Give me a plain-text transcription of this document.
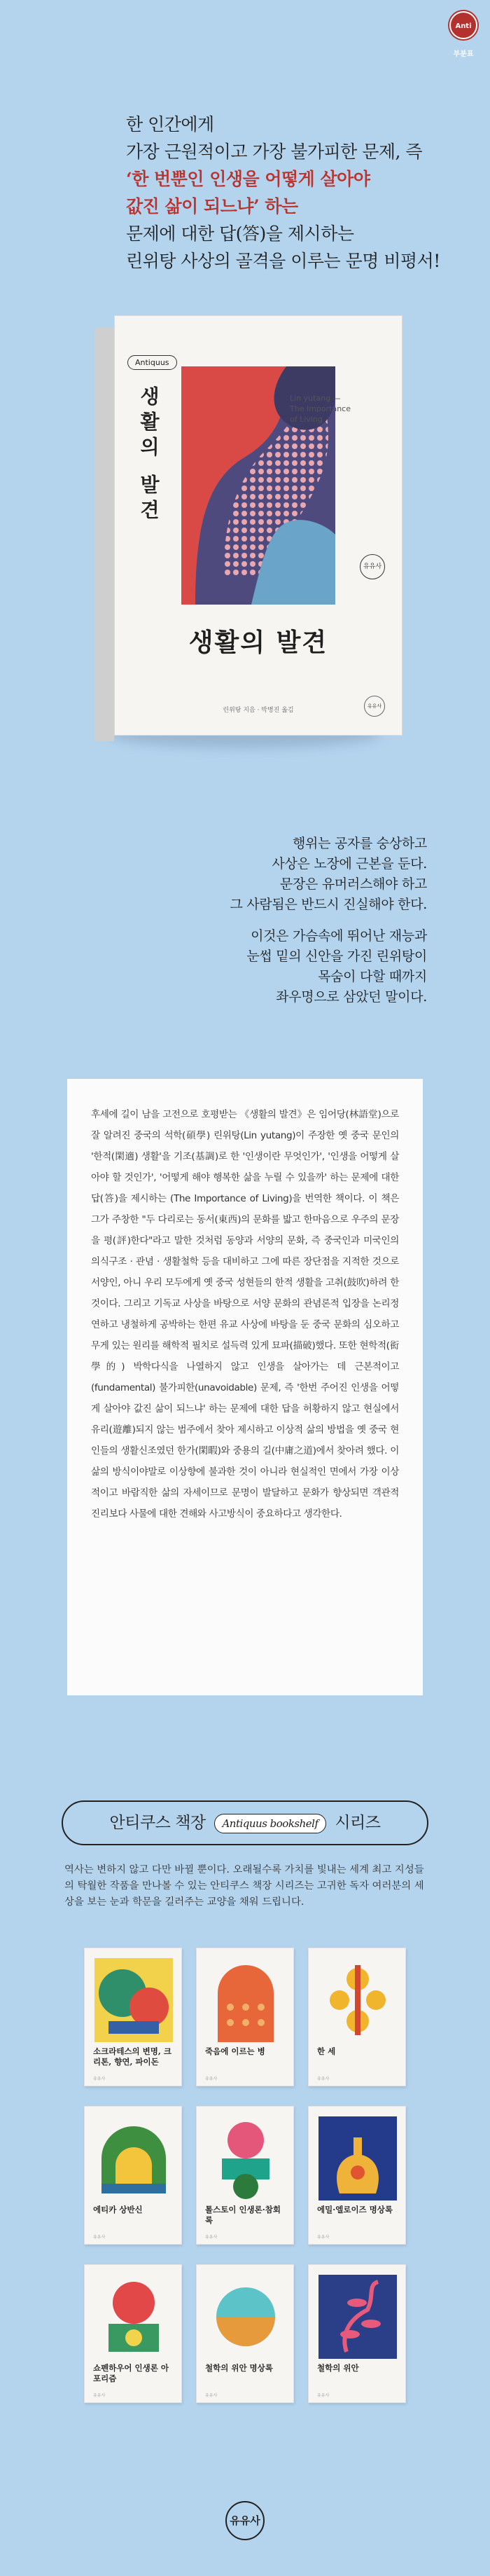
Anti 부분표
한 인간에게
가장 근원적이고 가장 불가피한 문제, 즉
‘한 번뿐인 인생을 어떻게 살아야
값진 삶이 되느냐’ 하는
문제에 대한 답(答)을 제시하는
린위탕 사상의 골격을 이루는 문명 비평서!
Antiquus
생활의 발견	Lin yutang —
The Importance
of Living
유유사
생활의 발견
린위탕 지음 · 박병진 옮김
유유사
행위는 공자를 숭상하고
사상은 노장에 근본을 둔다.
문장은 유머러스해야 하고
그 사람됨은 반드시 진실해야 한다.
이것은 가슴속에 뛰어난 재능과
눈썹 밑의 신안을 가진 린위탕이
목숨이 다할 때까지
좌우명으로 삼았던 말이다.

후세에 길이 남을 고전으로 호평받는 《생활의 발견》은 임어당(林語堂)으로 잘 알려진 중국의 석학(碩學) 린위탕(Lin yutang)이 주장한 옛 중국 문인의 '한적(閑適) 생활'을 기조(基調)로 한 '인생이란 무엇인가', '인생을 어떻게 살아야 할 것인가', '어떻게 해야 행복한 삶을 누릴 수 있을까' 하는 문제에 대한 답(答)을 제시하는 (The Importance of Living)을 번역한 책이다. 이 책은 그가 주창한 "두 다리로는 동서(東西)의 문화를 밟고 한마음으로 우주의 문장을 평(評)한다"라고 말한 것처럼 동양과 서양의 문화, 즉 중국인과 미국인의 의식구조 · 관념 · 생활철학 등을 대비하고 그에 따른 장단점을 지적한 것으로 서양인, 아니 우리 모두에게 옛 중국 성현들의 한적 생활을 고취(鼓吹)하려 한 것이다. 그리고 기독교 사상을 바탕으로 서양 문화의 관념론적 입장을 논리정연하고 냉철하게 공박하는 한편 유교 사상에 바탕을 둔 중국 문화의 심오하고 무게 있는 원리를 해학적 필치로 설득력 있게 묘파(描破)했다. 또한 현학적(衒學的) 박학다식을 나열하지 않고 인생을 살아가는 데 근본적이고(fundamental) 불가피한(unavoidable) 문제, 즉 '한번 주어진 인생을 어떻게 살아야 값진 삶이 되느냐' 하는 문제에 대한 답을 허황하지 않고 현실에서 유리(遊離)되지 않는 범주에서 찾아 제시하고 이상적 삶의 방법을 옛 중국 현인들의 생활신조였던 한가(閑暇)와 중용의 길(中庸之道)에서 찾아려 했다. 이 삶의 방식이야말로 이상향에 불과한 것이 아니라 현실적인 면에서 가장 이상적이고 바람직한 삶의 자세이므로 문명이 발달하고 문화가 향상되면 객관적 진리보다 사물에 대한 견해와 사고방식이 중요하다고 생각한다.

안티쿠스 책장 Antiquus bookshelf 시리즈

역사는 변하지 않고 다만 바뀔 뿐이다. 오래될수록 가치를 빛내는 세계 최고 지성들의 탁월한 작품을 만나볼 수 있는 안티쿠스 책장 시리즈는 고귀한 독자 여러분의 세상을 보는 눈과 학문을 길러주는 교양을 채워 드립니다.

소크라테스의 변명, 크리톤, 향연, 파이돈
유유사
죽음에 이르는 병
유유사
한 세
유유사
에티카 상반신
유유사
톨스토이 인생론·참회록
유유사
에밀·엘로이즈 명상록
유유사
쇼펜하우어 인생론 아포리즘
유유사
철학의 위안 명상록
유유사
철학의 위안
유유사
유유사
